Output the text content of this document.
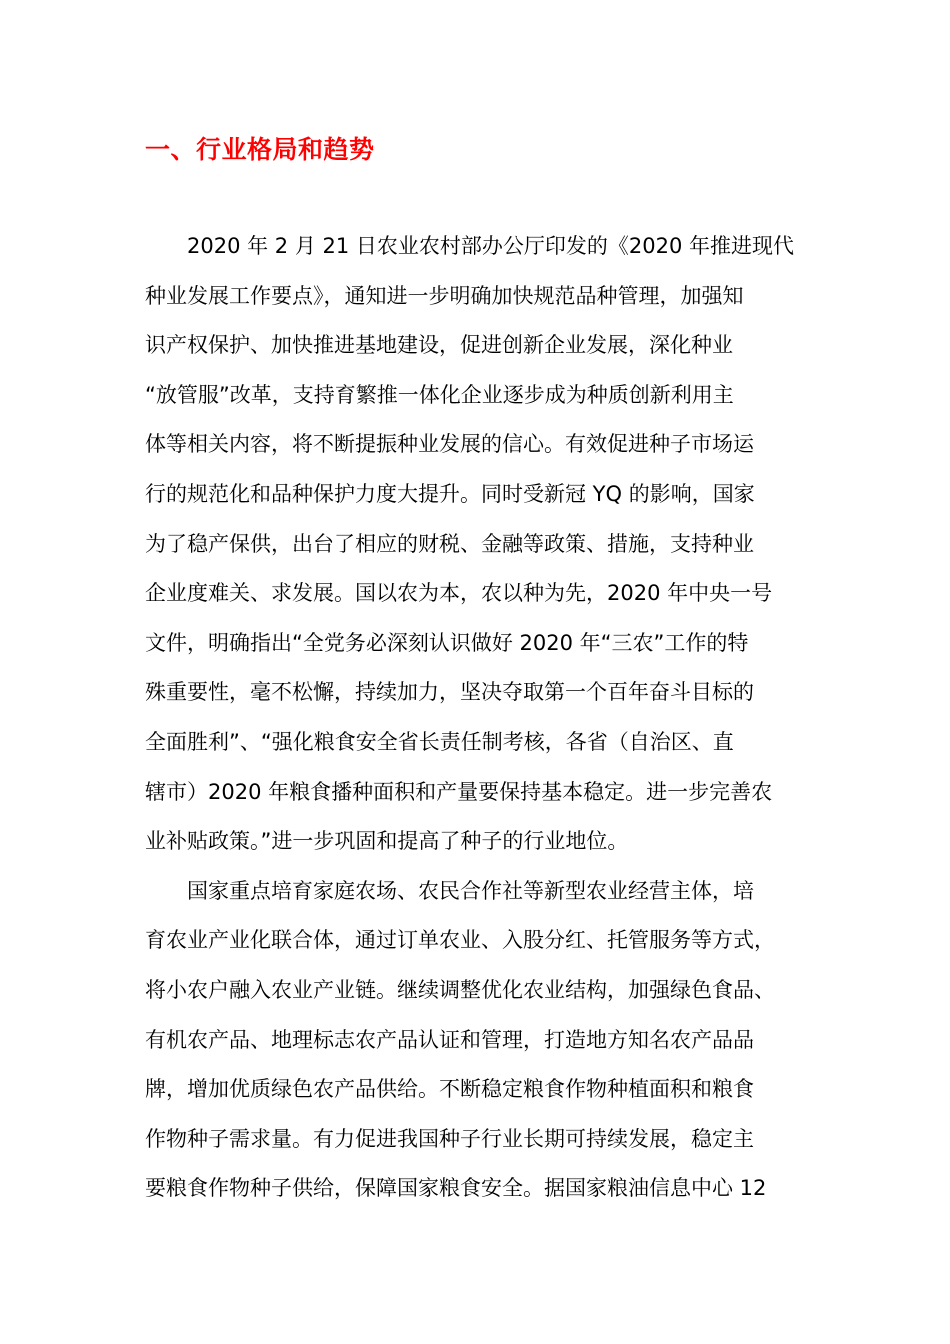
一、行业格局和趋势
2020 年 2 月 21 日农业农村部办公厅印发的《2020 年推进现代
种业发展工作要点》，通知进一步明确加快规范品种管理，加强知
识产权保护、加快推进基地建设，促进创新企业发展，深化种业
“放管服”改革，支持育繁推一体化企业逐步成为种质创新利用主
体等相关内容，将不断提振种业发展的信心。有效促进种子市场运
行的规范化和品种保护力度大提升。同时受新冠 YQ 的影响，国家
为了稳产保供，出台了相应的财税、金融等政策、措施，支持种业
企业度难关、求发展。国以农为本，农以种为先，2020 年中央一号
文件，明确指出“全党务必深刻认识做好 2020 年“三农”工作的特
殊重要性，毫不松懈，持续加力，坚决夺取第一个百年奋斗目标的
全面胜利”、“强化粮食安全省长责任制考核，各省（自治区、直
辖市）2020 年粮食播种面积和产量要保持基本稳定。进一步完善农
业补贴政策。”进一步巩固和提高了种子的行业地位。
国家重点培育家庭农场、农民合作社等新型农业经营主体，培
育农业产业化联合体，通过订单农业、入股分红、托管服务等方式，
将小农户融入农业产业链。继续调整优化农业结构，加强绿色食品、
有机农产品、地理标志农产品认证和管理，打造地方知名农产品品
牌，增加优质绿色农产品供给。不断稳定粮食作物种植面积和粮食
作物种子需求量。有力促进我国种子行业长期可持续发展，稳定主
要粮食作物种子供给，保障国家粮食安全。据国家粮油信息中心 12
